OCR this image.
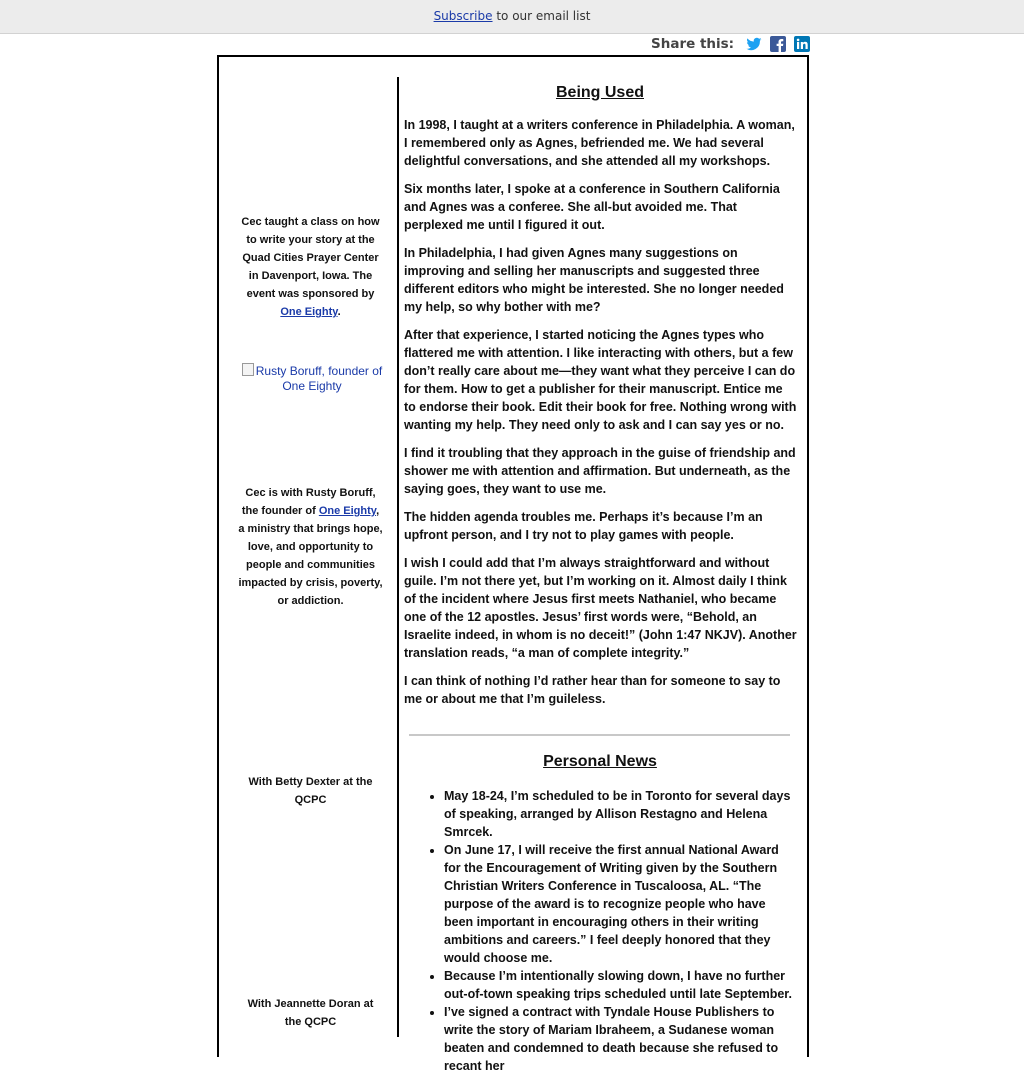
Subscribe to our email list
Share this:
Cec taught a class on how to write your story at the Quad Cities Prayer Center in Davenport, Iowa. The event was sponsored by One Eighty.
Rusty Boruff, founder of One Eighty
Cec is with Rusty Boruff, the founder of One Eighty, a ministry that brings hope, love, and opportunity to people and communities impacted by crisis, poverty, or addiction.
With Betty Dexter at the QCPC
With Jeannette Doran at the QCPC
Being Used
In 1998, I taught at a writers conference in Philadelphia. A woman, I remembered only as Agnes, befriended me. We had several delightful conversations, and she attended all my workshops.
Six months later, I spoke at a conference in Southern California and Agnes was a conferee. She all-but avoided me. That perplexed me until I figured it out.
In Philadelphia, I had given Agnes many suggestions on improving and selling her manuscripts and suggested three different editors who might be interested. She no longer needed my help, so why bother with me?
After that experience, I started noticing the Agnes types who flattered me with attention. I like interacting with others, but a few don’t really care about me—they want what they perceive I can do for them. How to get a publisher for their manuscript. Entice me to endorse their book. Edit their book for free. Nothing wrong with wanting my help. They need only to ask and I can say yes or no.
I find it troubling that they approach in the guise of friendship and shower me with attention and affirmation. But underneath, as the saying goes, they want to use me.
The hidden agenda troubles me. Perhaps it’s because I’m an upfront person, and I try not to play games with people.
I wish I could add that I’m always straightforward and without guile. I’m not there yet, but I’m working on it. Almost daily I think of the incident where Jesus first meets Nathaniel, who became one of the 12 apostles. Jesus’ first words were, “Behold, an Israelite indeed, in whom is no deceit!” (John 1:47 NKJV). Another translation reads, “a man of complete integrity.”
I can think of nothing I’d rather hear than for someone to say to me or about me that I’m guileless.
Personal News
• May 18-24, I’m scheduled to be in Toronto for several days of speaking, arranged by Allison Restagno and Helena Smrcek.
• On June 17, I will receive the first annual National Award for the Encouragement of Writing given by the Southern Christian Writers Conference in Tuscaloosa, AL. “The purpose of the award is to recognize people who have been important in encouraging others in their writing ambitions and careers.” I feel deeply honored that they would choose me.
• Because I’m intentionally slowing down, I have no further out-of-town speaking trips scheduled until late September.
• I’ve signed a contract with Tyndale House Publishers to write the story of Mariam Ibraheem, a Sudanese woman beaten and condemned to death because she refused to recant her
